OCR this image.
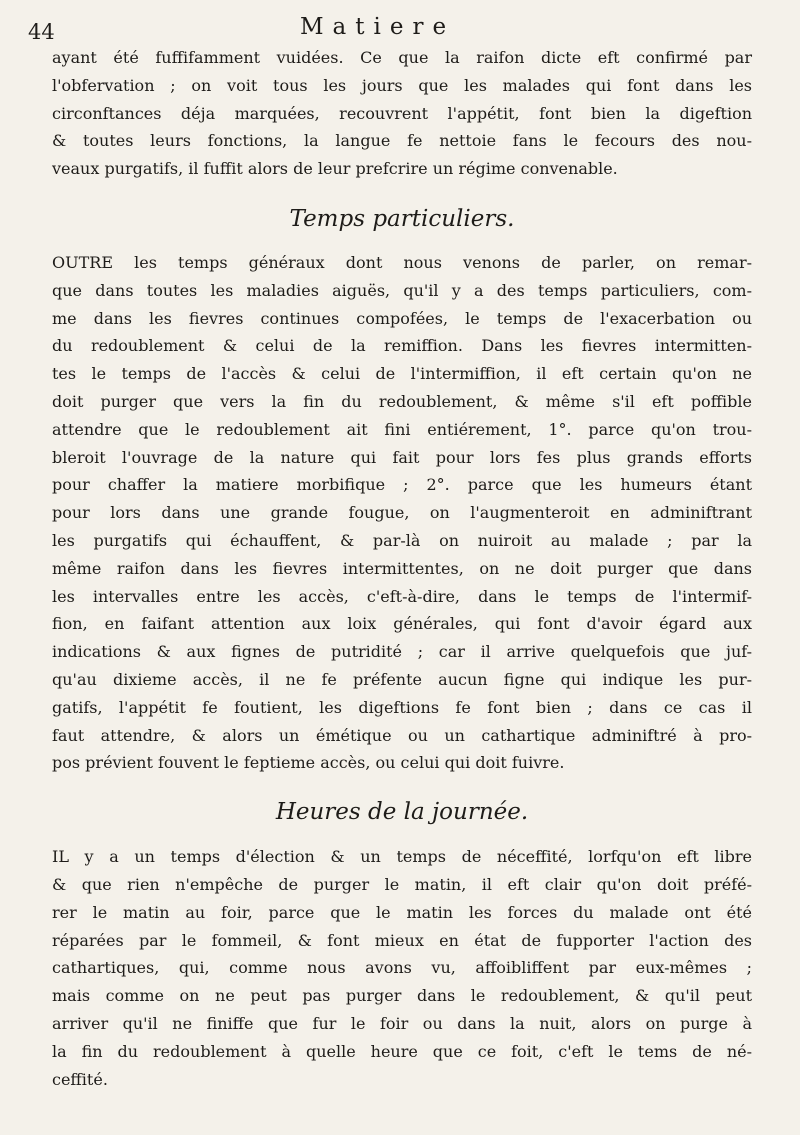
44	Matiere
ayant été fuffifamment vuidées. Ce que la raifon dicte eft confirmé par
l'obfervation ; on voit tous les jours que les malades qui font dans les
circonftances déja marquées, recouvrent l'appétit, font bien la digeftion
& toutes leurs fonctions, la langue fe nettoie fans le fecours des nou-
veaux purgatifs, il fuffit alors de leur prefcrire un régime convenable.
Temps particuliers.
OUTRE les temps généraux dont nous venons de parler, on remar-
que dans toutes les maladies aiguës, qu'il y a des temps particuliers, com-
me dans les fievres continues compofées, le temps de l'exacerbation ou
du redoublement & celui de la remiffion. Dans les fievres intermitten-
tes le temps de l'accès & celui de l'intermiffion, il eft certain qu'on ne
doit purger que vers la fin du redoublement, & même s'il eft poffible
attendre que le redoublement ait fini entiérement, 1°. parce qu'on trou-
bleroit l'ouvrage de la nature qui fait pour lors fes plus grands efforts
pour chaffer la matiere morbifique ; 2°. parce que les humeurs étant
pour lors dans une grande fougue, on l'augmenteroit en adminiftrant
les purgatifs qui échauffent, & par-là on nuiroit au malade ; par la
même raifon dans les fievres intermittentes, on ne doit purger que dans
les intervalles entre les accès, c'eft-à-dire, dans le temps de l'intermif-
fion, en faifant attention aux loix générales, qui font d'avoir égard aux
indications & aux fignes de putridité ; car il arrive quelquefois que juf-
qu'au dixieme accès, il ne fe préfente aucun figne qui indique les pur-
gatifs, l'appétit fe foutient, les digeftions fe font bien ; dans ce cas il
faut attendre, & alors un émétique ou un cathartique adminiftré à pro-
pos prévient fouvent le feptieme accès, ou celui qui doit fuivre.
Heures de la journée.
IL y a un temps d'élection & un temps de néceffité, lorfqu'on eft libre
& que rien n'empêche de purger le matin, il eft clair qu'on doit préfé-
rer le matin au foir, parce que le matin les forces du malade ont été
réparées par le fommeil, & font mieux en état de fupporter l'action des
cathartiques, qui, comme nous avons vu, affoibliffent par eux-mêmes ;
mais comme on ne peut pas purger dans le redoublement, & qu'il peut
arriver qu'il ne finiffe que fur le foir ou dans la nuit, alors on purge à
la fin du redoublement à quelle heure que ce foit, c'eft le tems de né-
ceffité.
